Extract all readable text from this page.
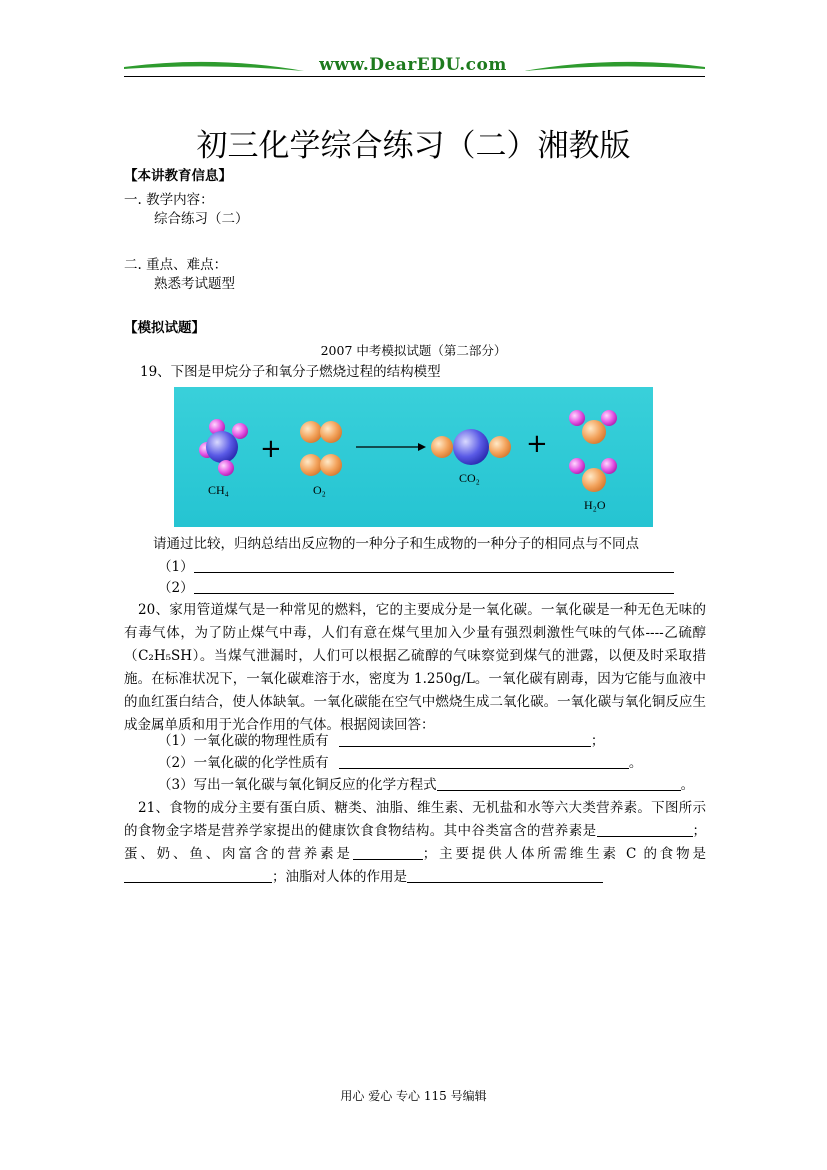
www.DearEDU.com
初三化学综合练习（二）湘教版
【本讲教育信息】
一. 教学内容：
综合练习（二）
二. 重点、难点：
熟悉考试题型
【模拟试题】
2007 中考模拟试题（第二部分）
19、下图是甲烷分子和氧分子燃烧过程的结构模型
CH₄
+
O₂
CO₂
+
H₂O
请通过比较，归纳总结出反应物的一种分子和生成物的一种分子的相同点与不同点
（1）
（2）
20、家用管道煤气是一种常见的燃料，它的主要成分是一氧化碳。一氧化碳是一种无色无味的有毒气体，为了防止煤气中毒，人们有意在煤气里加入少量有强烈刺激性气味的气体----乙硫醇（C₂H₅SH）。当煤气泄漏时，人们可以根据乙硫醇的气味察觉到煤气的泄露，以便及时采取措施。在标准状况下，一氧化碳难溶于水，密度为 1.250g/L。一氧化碳有剧毒，因为它能与血液中的血红蛋白结合，使人体缺氧。一氧化碳能在空气中燃烧生成二氧化碳。一氧化碳与氧化铜反应生成金属单质和用于光合作用的气体。根据阅读回答：
（1）一氧化碳的物理性质有	；
（2）一氧化碳的化学性质有	。
（3）写出一氧化碳与氧化铜反应的化学方程式	。
21、食物的成分主要有蛋白质、糖类、油脂、维生素、无机盐和水等六大类营养素。下图所示的食物金字塔是营养学家提出的健康饮食食物结构。其中谷类富含的营养素是	；蛋、奶、鱼、肉富含的营养素是	；主要提供人体所需维生素 C 的食物是；油脂对人体的作用是
用心 爱心 专心 115 号编辑
